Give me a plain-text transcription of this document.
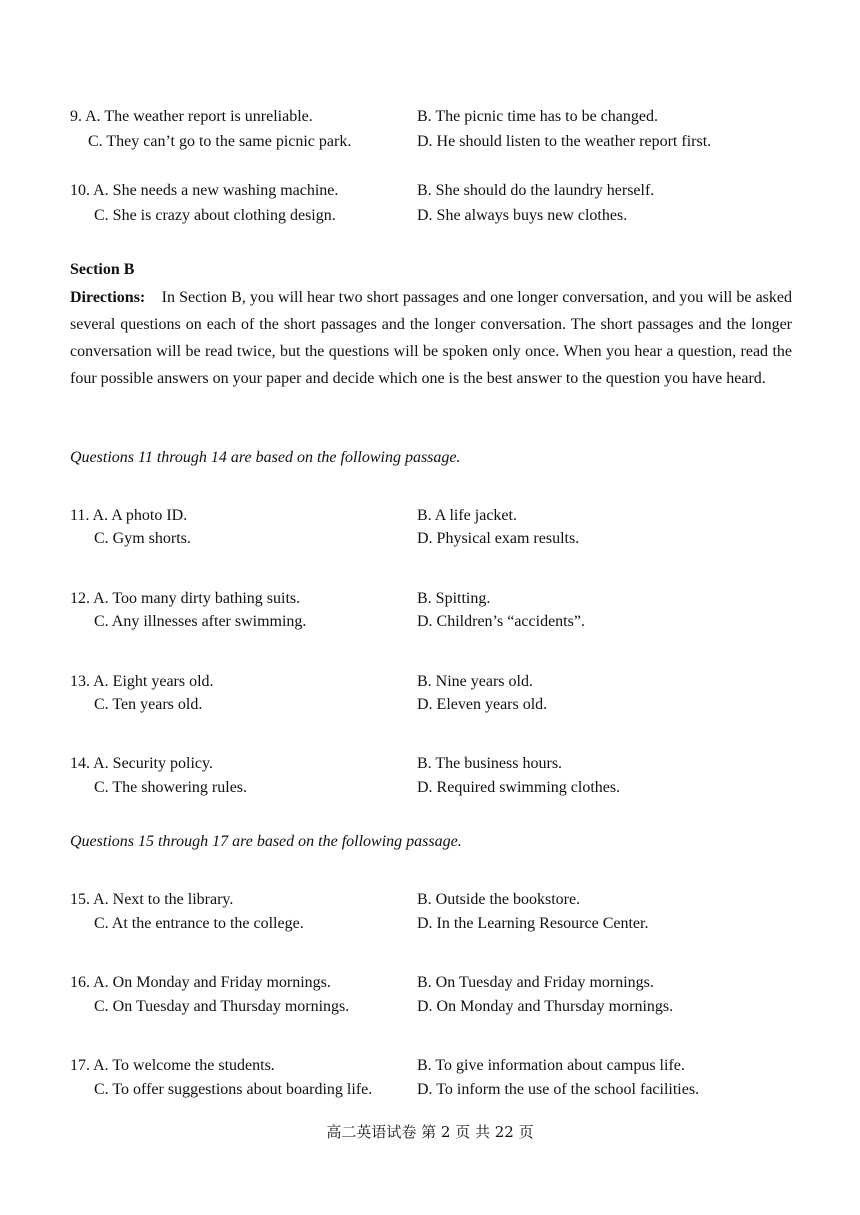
9. A. The weather report is unreliable.	B. The picnic time has to be changed.
C. They can’t go to the same picnic park.	D. He should listen to the weather report first.
10. A. She needs a new washing machine.	B. She should do the laundry herself.
C. She is crazy about clothing design.	D. She always buys new clothes.
Section B
Directions: In Section B, you will hear two short passages and one longer conversation, and you will be asked several questions on each of the short passages and the longer conversation. The short passages and the longer conversation will be read twice, but the questions will be spoken only once. When you hear a question, read the four possible answers on your paper and decide which one is the best answer to the question you have heard.
Questions 11 through 14 are based on the following passage.
11. A. A photo ID.	B. A life jacket.
C. Gym shorts.	D. Physical exam results.
12. A. Too many dirty bathing suits.	B. Spitting.
C. Any illnesses after swimming.	D. Children’s “accidents”.
13. A. Eight years old.	B. Nine years old.
C. Ten years old.	D. Eleven years old.
14. A. Security policy.	B. The business hours.
C. The showering rules.	D. Required swimming clothes.
Questions 15 through 17 are based on the following passage.
15. A. Next to the library.	B. Outside the bookstore.
C. At the entrance to the college.	D. In the Learning Resource Center.
16. A. On Monday and Friday mornings.	B. On Tuesday and Friday mornings.
C. On Tuesday and Thursday mornings.	D. On Monday and Thursday mornings.
17. A. To welcome the students.	B. To give information about campus life.
C. To offer suggestions about boarding life.	D. To inform the use of the school facilities.
高二英语试卷 第 2 页 共 22 页
